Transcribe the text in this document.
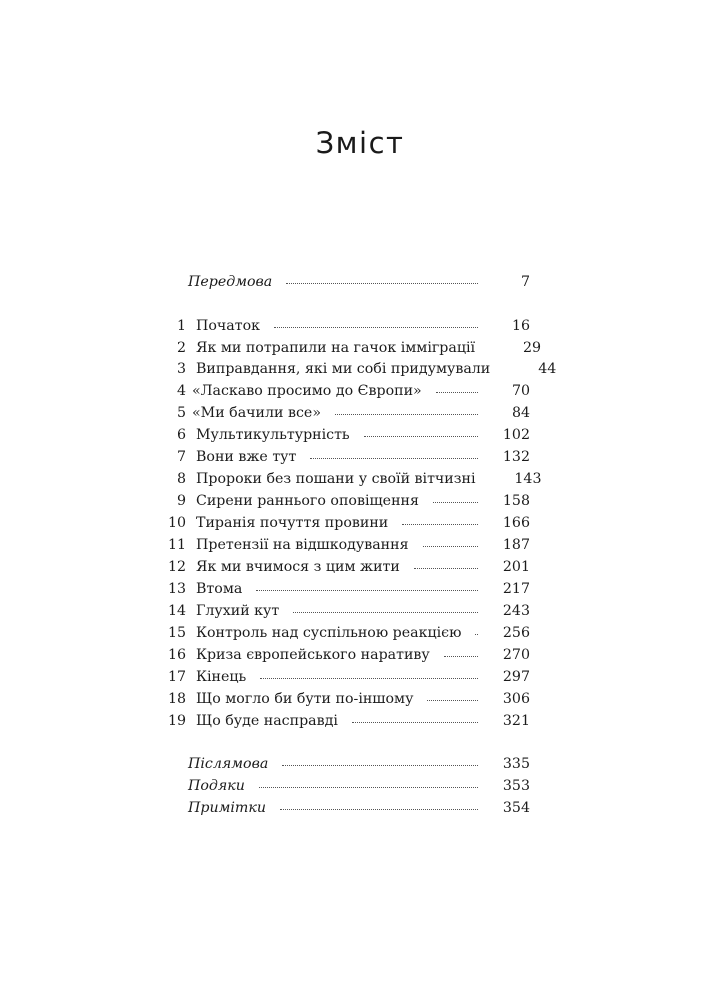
Зміст
Передмова	7
1 Початок	16
2 Як ми потрапили на гачок імміграції	29
3 Виправдання, які ми собі придумували	44
4 «Ласкаво просимо до Європи»	70
5 «Ми бачили все»	84
6 Мультикультурність	102
7 Вони вже тут	132
8 Пророки без пошани у своїй вітчизні	143
9 Сирени раннього оповіщення	158
10 Тиранія почуття провини	166
11 Претензії на відшкодування	187
12 Як ми вчимося з цим жити	201
13 Втома	217
14 Глухий кут	243
15 Контроль над суспільною реакцією	256
16 Криза європейського наративу	270
17 Кінець	297
18 Що могло би бути по-іншому	306
19 Що буде насправді	321
Післямова	335
Подяки	353
Примітки	354
